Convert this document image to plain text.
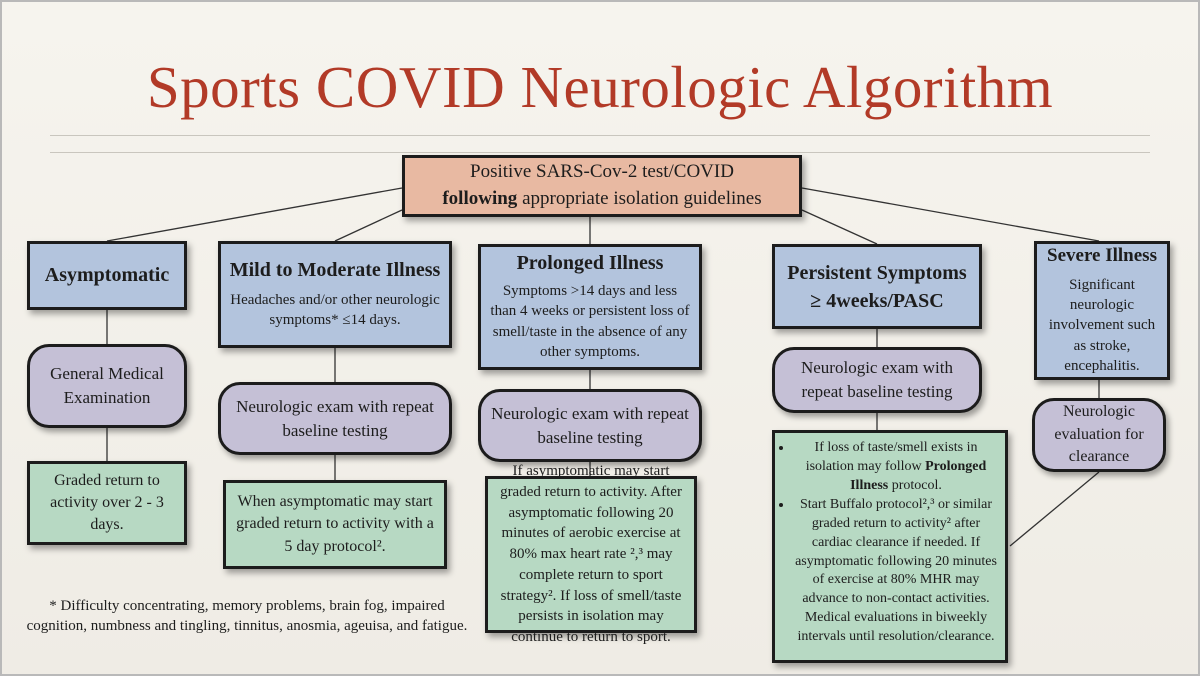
Sports COVID Neurologic Algorithm
Positive SARS-Cov-2 test/COVID
following appropriate isolation guidelines
Asymptomatic
General Medical Examination
Graded return to activity over 2 - 3 days.
Mild to Moderate Illness
Headaches and/or other neurologic symptoms* ≤14 days.
Neurologic exam with repeat baseline testing
When asymptomatic may start graded return to activity with a 5 day protocol².
Prolonged Illness
Symptoms >14 days and less than 4 weeks or persistent loss of smell/taste in the absence of any other symptoms.
Neurologic exam with repeat baseline testing
If asymptomatic may start graded return to activity. After asymptomatic following 20 minutes of aerobic exercise at 80% max heart rate ²,³ may complete return to sport strategy². If loss of smell/taste persists in isolation may continue to return to sport.
Persistent Symptoms ≥ 4weeks/PASC
Neurologic exam with repeat baseline testing
• If loss of taste/smell exists in isolation may follow Prolonged Illness protocol.
• Start Buffalo protocol²,³ or similar graded return to activity² after cardiac clearance if needed. If asymptomatic following 20 minutes of exercise at 80% MHR may advance to non-contact activities. Medical evaluations in biweekly intervals until resolution/clearance.
Severe Illness
Significant neurologic involvement such as stroke, encephalitis.
Neurologic evaluation for clearance
* Difficulty concentrating, memory problems, brain fog, impaired cognition, numbness and tingling, tinnitus, anosmia, ageuisa, and fatigue.
